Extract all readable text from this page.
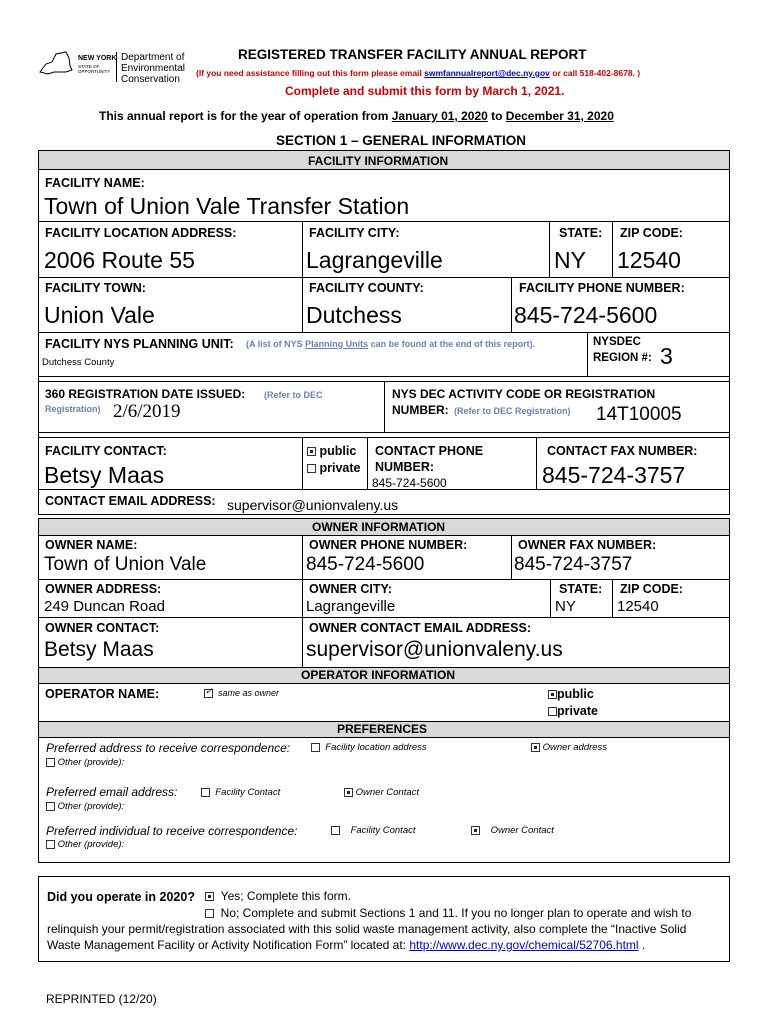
NEW YORK
STATE OF OPPORTUNITY
Department of
Environmental
Conservation
REGISTERED TRANSFER FACILITY ANNUAL REPORT
(If you need assistance filling out this form please email swmfannualreport@dec.ny.gov or call 518-402-8678. )
Complete and submit this form by March 1, 2021.
This annual report is for the year of operation from January 01, 2020 to December 31, 2020
SECTION 1 – GENERAL INFORMATION
FACILITY INFORMATION
FACILITY NAME:
Town of Union Vale Transfer Station
FACILITY LOCATION ADDRESS:
2006 Route 55
FACILITY CITY:
Lagrangeville
STATE:
NY
ZIP CODE:
12540
FACILITY TOWN:
Union Vale
FACILITY COUNTY:
Dutchess
FACILITY PHONE NUMBER:
845-724-5600
FACILITY NYS PLANNING UNIT: (A list of NYS Planning Units can be found at the end of this report).
Dutchess County
NYSDEC
REGION #: 3
360 REGISTRATION DATE ISSUED: (Refer to DEC
Registration) 2/6/2019
NYS DEC ACTIVITY CODE OR REGISTRATION
NUMBER: (Refer to DEC Registration) 14T10005
FACILITY CONTACT:
Betsy Maas
public
private
CONTACT PHONE
NUMBER:
845-724-5600
CONTACT FAX NUMBER:
845-724-3757
CONTACT EMAIL ADDRESS: supervisor@unionvaleny.us
OWNER INFORMATION
OWNER NAME:
Town of Union Vale
OWNER PHONE NUMBER:
845-724-5600
OWNER FAX NUMBER:
845-724-3757
OWNER ADDRESS:
249 Duncan Road
OWNER CITY:
Lagrangeville
STATE:
NY
ZIP CODE:
12540
OWNER CONTACT:
Betsy Maas
OWNER CONTACT EMAIL ADDRESS:
supervisor@unionvaleny.us
OPERATOR INFORMATION
OPERATOR NAME:
✓	same as owner	public
private
PREFERENCES
Preferred address to receive correspondence:	Facility location address	Owner address
Other (provide):
Preferred email address:	Facility Contact	Owner Contact
Other (provide):
Preferred individual to receive correspondence:	Facility Contact	Owner Contact
Other (provide):
Did you operate in 2020?	Yes; Complete this form.
No; Complete and submit Sections 1 and 11. If you no longer plan to operate and wish to
relinquish your permit/registration associated with this solid waste management activity, also complete the “Inactive Solid
Waste Management Facility or Activity Notification Form” located at: http://www.dec.ny.gov/chemical/52706.html .
REPRINTED (12/20)
